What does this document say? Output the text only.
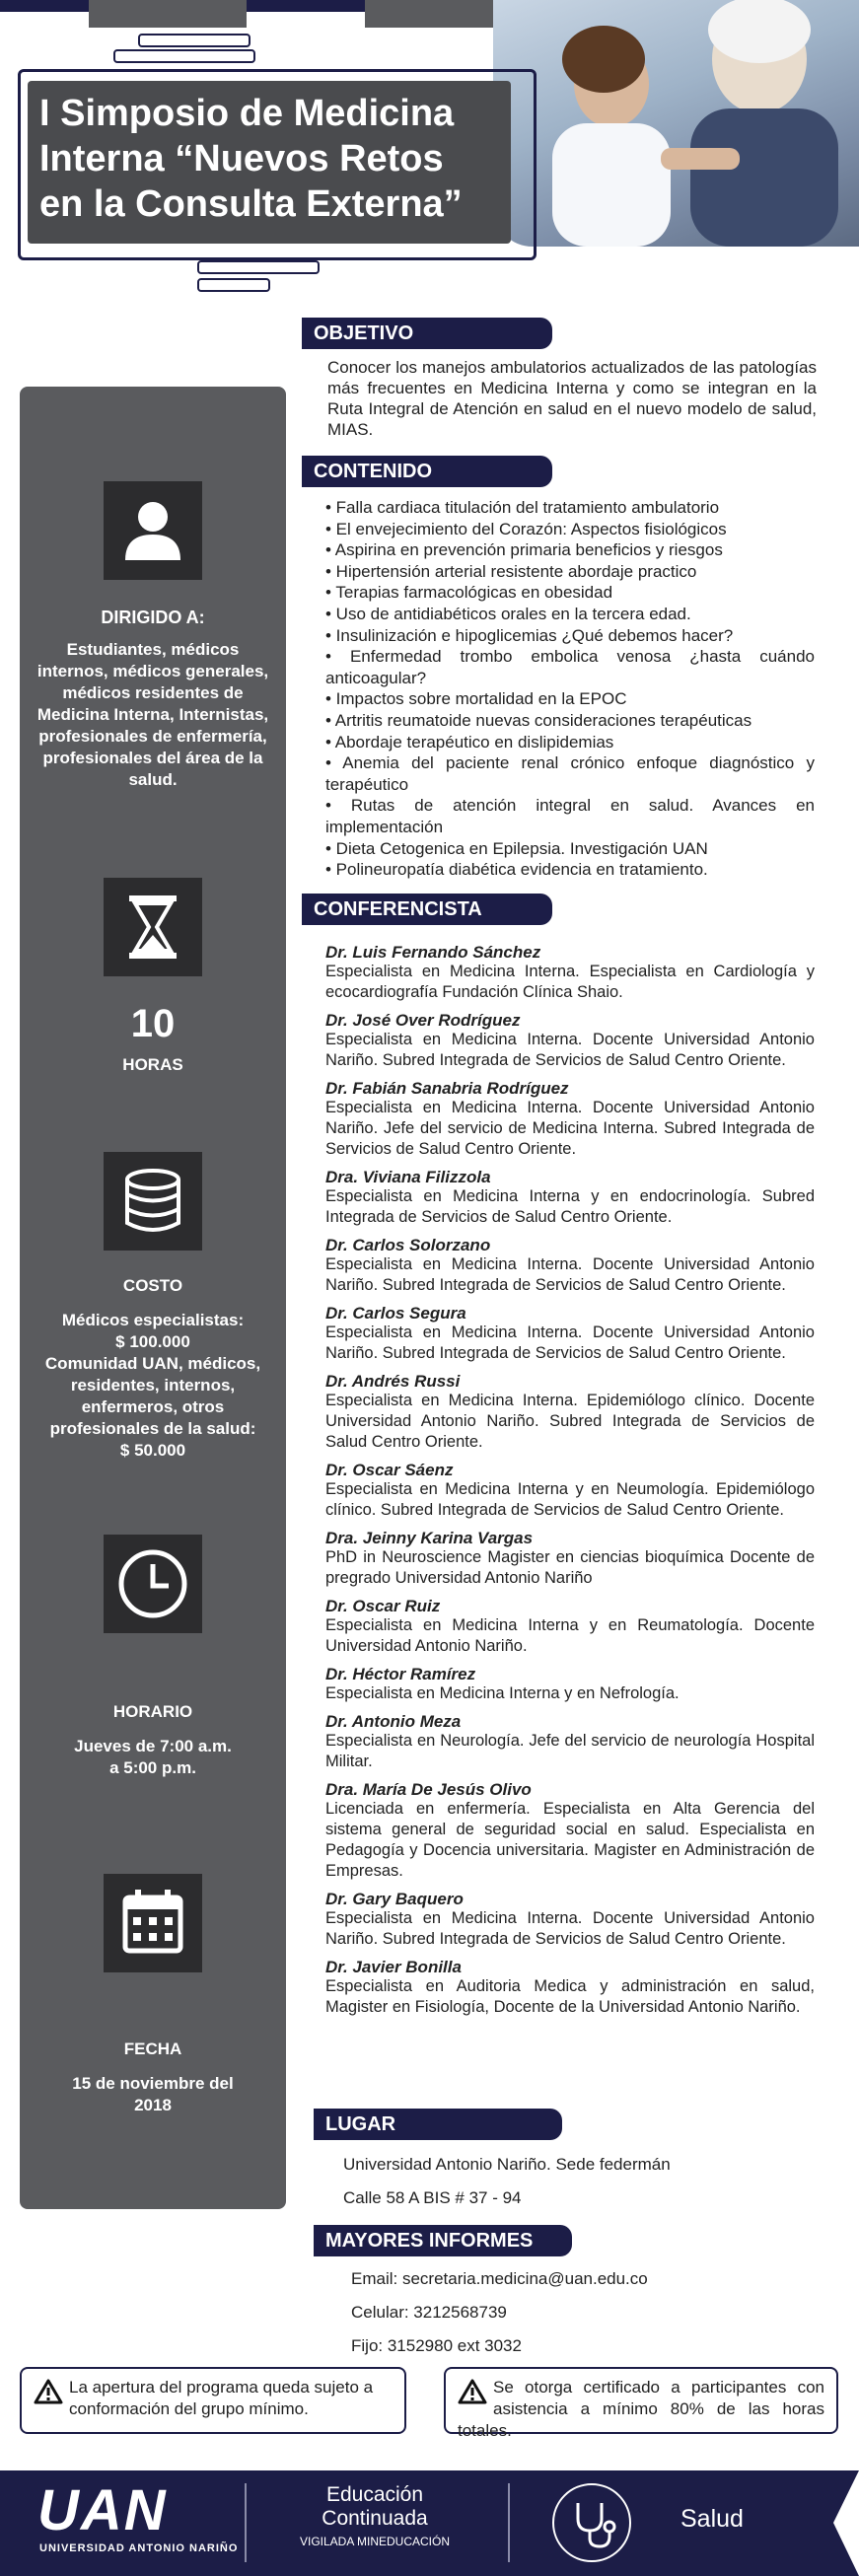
I Simposio de Medicina
Interna “Nuevos Retos
en la Consulta Externa”
DIRIGIDO A:
Estudiantes, médicos internos, médicos generales, médicos residentes de Medicina Interna, Internistas, profesionales de enfermería, profesionales del área de la salud.
10
HORAS
COSTO
Médicos especialistas:
$ 100.000
Comunidad UAN, médicos,
residentes, internos,
enfermeros, otros
profesionales de la salud:
$ 50.000
HORARIO
Jueves de 7:00 a.m.
a 5:00 p.m.
FECHA
15 de noviembre del
2018
OBJETIVO
Conocer los manejos ambulatorios actualizados de las patologías más frecuentes en Medicina Interna y como se integran en la Ruta Integral de Atención en salud en el nuevo modelo de salud, MIAS.
CONTENIDO
• Falla cardiaca titulación del tratamiento ambulatorio
• El envejecimiento del Corazón: Aspectos fisiológicos
• Aspirina en prevención primaria beneficios y riesgos
• Hipertensión arterial resistente abordaje practico
• Terapias farmacológicas en obesidad
• Uso de antidiabéticos orales en la tercera edad.
• Insulinización e hipoglicemias ¿Qué debemos hacer?
• Enfermedad trombo embolica venosa ¿hasta cuándo anticoagular?
• Impactos sobre mortalidad en la EPOC
• Artritis reumatoide nuevas consideraciones terapéuticas
• Abordaje terapéutico en dislipidemias
• Anemia del paciente renal crónico enfoque diagnóstico y terapéutico
• Rutas de atención integral en salud. Avances en implementación
• Dieta Cetogenica en Epilepsia. Investigación UAN
• Polineuropatía diabética evidencia en tratamiento.
CONFERENCISTA
Dr. Luis Fernando Sánchez
Especialista en Medicina Interna. Especialista en Cardiología y ecocardiografía Fundación Clínica Shaio.
Dr. José Over Rodríguez
Especialista en Medicina Interna. Docente Universidad Antonio Nariño. Subred Integrada de Servicios de Salud Centro Oriente.
Dr. Fabián Sanabria Rodríguez
Especialista en Medicina Interna. Docente Universidad Antonio Nariño. Jefe del servicio de Medicina Interna. Subred Integrada de Servicios de Salud Centro Oriente.
Dra. Viviana Filizzola
Especialista en Medicina Interna y en endocrinología. Subred Integrada de Servicios de Salud Centro Oriente.
Dr. Carlos Solorzano
Especialista en Medicina Interna. Docente Universidad Antonio Nariño. Subred Integrada de Servicios de Salud Centro Oriente.
Dr. Carlos Segura
Especialista en Medicina Interna. Docente Universidad Antonio Nariño. Subred Integrada de Servicios de Salud Centro Oriente.
Dr. Andrés Russi
Especialista en Medicina Interna. Epidemiólogo clínico. Docente Universidad Antonio Nariño. Subred Integrada de Servicios de Salud Centro Oriente.
Dr. Oscar Sáenz
Especialista en Medicina Interna y en Neumología. Epidemiólogo clínico. Subred Integrada de Servicios de Salud Centro Oriente.
Dra. Jeinny Karina Vargas
PhD in Neuroscience Magister en ciencias bioquímica Docente de pregrado Universidad Antonio Nariño
Dr. Oscar Ruiz
Especialista en Medicina Interna y en Reumatología. Docente Universidad Antonio Nariño.
Dr. Héctor Ramírez
Especialista en Medicina Interna y en Nefrología.
Dr. Antonio Meza
Especialista en Neurología. Jefe del servicio de neurología Hospital Militar.
Dra. María De Jesús Olivo
Licenciada en enfermería. Especialista en Alta Gerencia del sistema general de seguridad social en salud. Especialista en Pedagogía y Docencia universitaria. Magister en Administración de Empresas.
Dr. Gary Baquero
Especialista en Medicina Interna. Docente Universidad Antonio Nariño. Subred Integrada de Servicios de Salud Centro Oriente.
Dr. Javier Bonilla
Especialista en Auditoria Medica y administración en salud, Magister en Fisiología, Docente de la Universidad Antonio Nariño.
LUGAR
Universidad Antonio Nariño. Sede federmán
Calle 58 A BIS # 37 - 94
MAYORES INFORMES
Email: secretaria.medicina@uan.edu.co
Celular: 3212568739
Fijo: 3152980 ext 3032
La apertura del programa queda sujeto a conformación del grupo mínimo.
Se otorga certificado a participantes con asistencia a mínimo 80% de las horas totales.
UAN
UNIVERSIDAD ANTONIO NARIÑO
Educación
Continuada
VIGILADA MINEDUCACIÓN
Salud
